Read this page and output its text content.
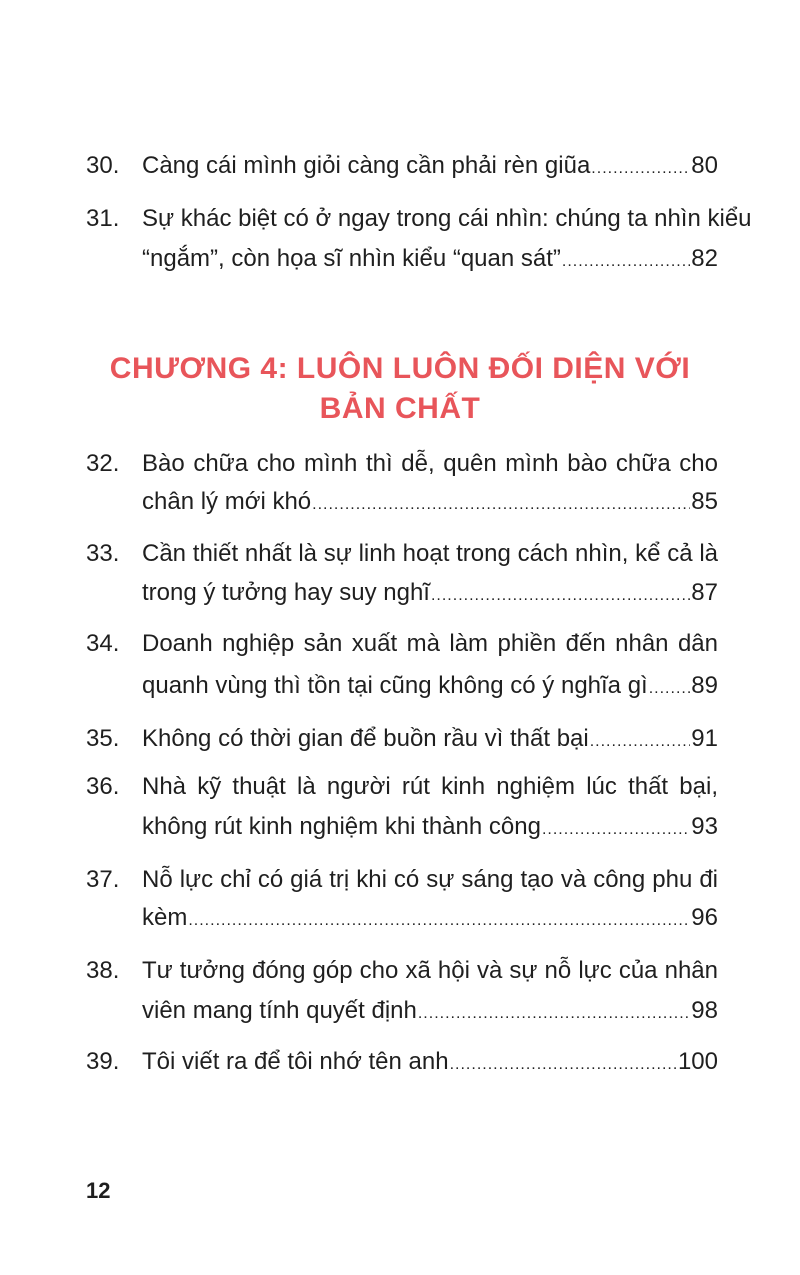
30. Càng cái mình giỏi càng cần phải rèn giũa .....	80
31. Sự khác biệt có ở ngay trong cái nhìn: chúng ta nhìn kiểu
“ngắm”, còn họa sĩ nhìn kiểu “quan sát” .....	82
CHƯƠNG 4: LUÔN LUÔN ĐỐI DIỆN VỚI
BẢN CHẤT
32. Bào chữa cho mình thì dễ, quên mình bào chữa cho
chân lý mới khó .....	85
33. Cần thiết nhất là sự linh hoạt trong cách nhìn, kể cả là
trong ý tưởng hay suy nghĩ .....	87
34. Doanh nghiệp sản xuất mà làm phiền đến nhân dân
quanh vùng thì tồn tại cũng không có ý nghĩa gì ..... 89
35. Không có thời gian để buồn rầu vì thất bại .....	91
36. Nhà kỹ thuật là người rút kinh nghiệm lúc thất bại,
không rút kinh nghiệm khi thành công .....	93
37. Nỗ lực chỉ có giá trị khi có sự sáng tạo và công phu đi
kèm .....	96
38. Tư tưởng đóng góp cho xã hội và sự nỗ lực của nhân
viên mang tính quyết định .....	98
39. Tôi viết ra để tôi nhớ tên anh .....	100
12
